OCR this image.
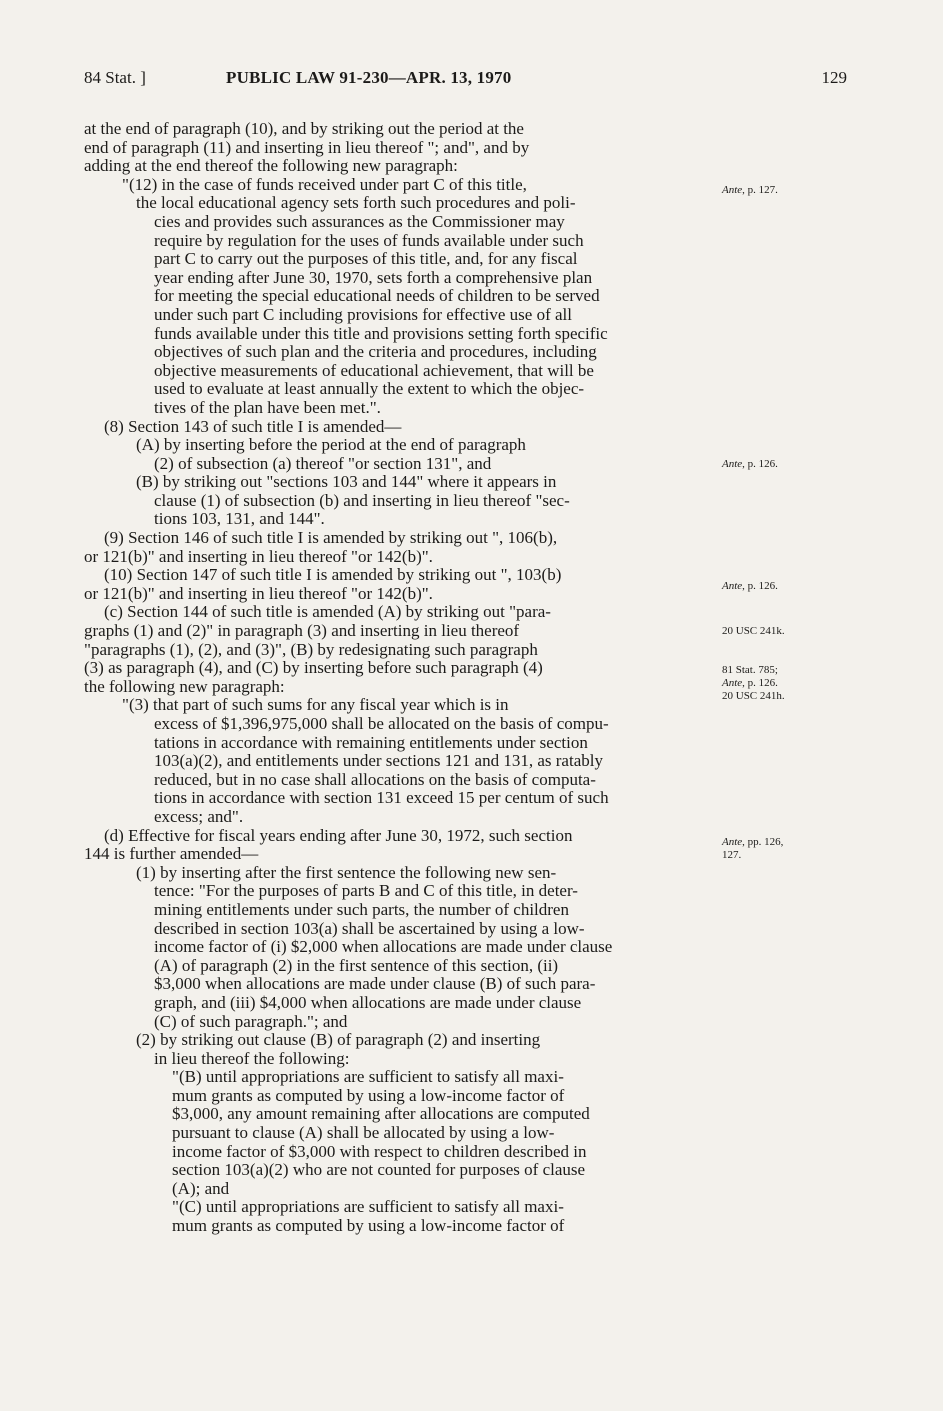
84 Stat. ]	PUBLIC LAW 91-230—APR. 13, 1970	129
at the end of paragraph (10), and by striking out the period at the
end of paragraph (11) and inserting in lieu thereof "; and", and by
adding at the end thereof the following new paragraph:
"(12) in the case of funds received under part C of this title,
the local educational agency sets forth such procedures and poli-
cies and provides such assurances as the Commissioner may
require by regulation for the uses of funds available under such
part C to carry out the purposes of this title, and, for any fiscal
year ending after June 30, 1970, sets forth a comprehensive plan
for meeting the special educational needs of children to be served
under such part C including provisions for effective use of all
funds available under this title and provisions setting forth specific
objectives of such plan and the criteria and procedures, including
objective measurements of educational achievement, that will be
used to evaluate at least annually the extent to which the objec-
tives of the plan have been met.".
(8) Section 143 of such title I is amended—
(A) by inserting before the period at the end of paragraph
(2) of subsection (a) thereof "or section 131", and
(B) by striking out "sections 103 and 144" where it appears in
clause (1) of subsection (b) and inserting in lieu thereof "sec-
tions 103, 131, and 144".
(9) Section 146 of such title I is amended by striking out ", 106(b),
or 121(b)" and inserting in lieu thereof "or 142(b)".
(10) Section 147 of such title I is amended by striking out ", 103(b)
or 121(b)" and inserting in lieu thereof "or 142(b)".
(c) Section 144 of such title is amended (A) by striking out "para-
graphs (1) and (2)" in paragraph (3) and inserting in lieu thereof
"paragraphs (1), (2), and (3)", (B) by redesignating such paragraph
(3) as paragraph (4), and (C) by inserting before such paragraph (4)
the following new paragraph:
"(3) that part of such sums for any fiscal year which is in
excess of $1,396,975,000 shall be allocated on the basis of compu-
tations in accordance with remaining entitlements under section
103(a)(2), and entitlements under sections 121 and 131, as ratably
reduced, but in no case shall allocations on the basis of computa-
tions in accordance with section 131 exceed 15 per centum of such
excess; and".
(d) Effective for fiscal years ending after June 30, 1972, such section
144 is further amended—
(1) by inserting after the first sentence the following new sen-
tence: "For the purposes of parts B and C of this title, in deter-
mining entitlements under such parts, the number of children
described in section 103(a) shall be ascertained by using a low-
income factor of (i) $2,000 when allocations are made under clause
(A) of paragraph (2) in the first sentence of this section, (ii)
$3,000 when allocations are made under clause (B) of such para-
graph, and (iii) $4,000 when allocations are made under clause
(C) of such paragraph."; and
(2) by striking out clause (B) of paragraph (2) and inserting
in lieu thereof the following:
"(B) until appropriations are sufficient to satisfy all maxi-
mum grants as computed by using a low-income factor of
$3,000, any amount remaining after allocations are computed
pursuant to clause (A) shall be allocated by using a low-
income factor of $3,000 with respect to children described in
section 103(a)(2) who are not counted for purposes of clause
(A); and
"(C) until appropriations are sufficient to satisfy all maxi-
mum grants as computed by using a low-income factor of
Ante, p. 127.
Ante, p. 126.
Ante, p. 126.
20 USC 241k.
81 Stat. 785;
Ante, p. 126.
20 USC 241h.
Ante, pp. 126,
127.
